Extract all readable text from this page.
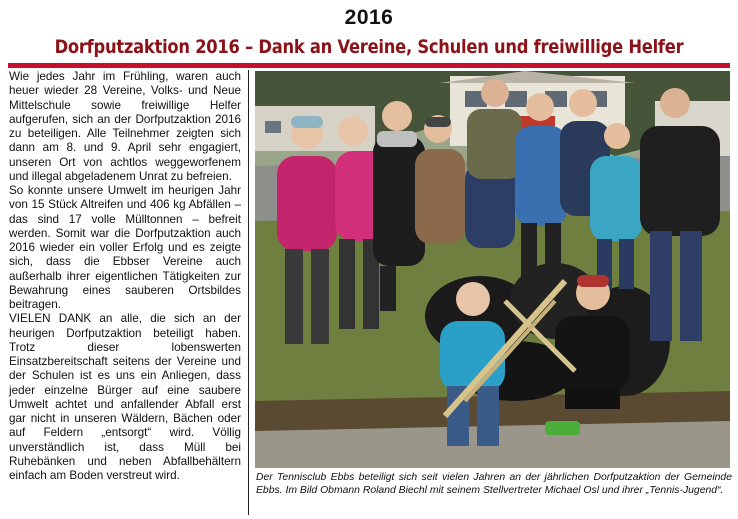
2016
Dorfputzaktion 2016 – Dank an Vereine, Schulen und freiwillige Helfer

Wie jedes Jahr im Frühling, waren auch heuer wieder 28 Vereine, Volks- und Neue Mittelschule sowie freiwillige Helfer aufgerufen, sich an der Dorfputzaktion 2016 zu beteiligen. Alle Teilnehmer zeigten sich dann am 8. und 9. April sehr engagiert, unseren Ort von achtlos weggeworfenem und illegal abgeladenem Unrat zu befreien.

So konnte unsere Umwelt im heurigen Jahr von 15 Stück Altreifen und 406 kg Abfällen – das sind 17 volle Mülltonnen – befreit werden. Somit war die Dorfputzaktion auch 2016 wieder ein voller Erfolg und es zeigte sich, dass die Ebbser Vereine auch außerhalb ihrer eigentlichen Tätigkeiten zur Bewahrung eines sauberen Ortsbildes beitragen.

VIELEN DANK an alle, die sich an der heurigen Dorfputzaktion beteiligt haben. Trotz dieser lobenswerten Einsatzbereitschaft seitens der Vereine und der Schulen ist es uns ein Anliegen, dass jeder einzelne Bürger auf eine saubere Umwelt achtet und anfallender Abfall erst gar nicht in unseren Wäldern, Bächen oder auf Feldern „entsorgt“ wird. Völlig unverständlich ist, dass Müll bei Ruhebänken und neben Abfallbehältern einfach am Boden verstreut wird.	Der Tennisclub Ebbs beteiligt sich seit vielen Jahren an der jährlichen Dorfputzaktion der Gemeinde Ebbs. Im Bild Obmann Roland Biechl mit seinem Stellvertreter Michael Osl und ihrer „Tennis-Jugend“.
